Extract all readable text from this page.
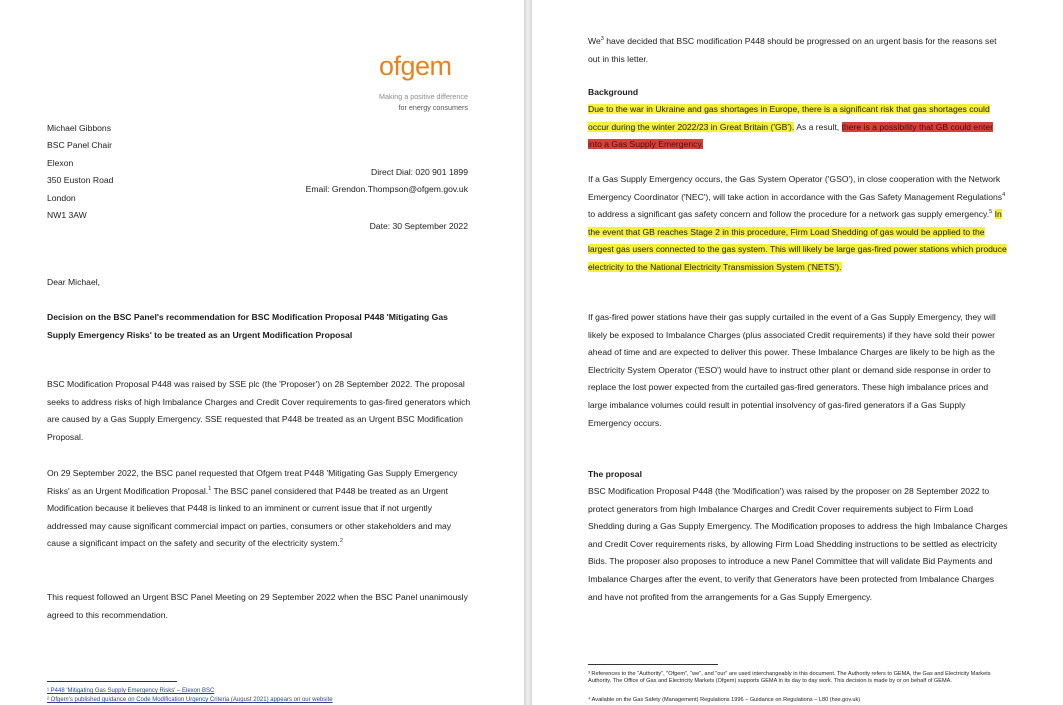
ofgem
Making a positive difference
for energy consumers
Michael Gibbons
BSC Panel Chair
Elexon
350 Euston Road
London
NW1 3AW
Direct Dial: 020 901 1899
Email: Grendon.Thompson@ofgem.gov.uk
Date: 30 September 2022
Dear Michael,
Decision on the BSC Panel's recommendation for BSC Modification Proposal P448 'Mitigating Gas Supply Emergency Risks' to be treated as an Urgent Modification Proposal
BSC Modification Proposal P448 was raised by SSE plc (the 'Proposer') on 28 September 2022. The proposal seeks to address risks of high Imbalance Charges and Credit Cover requirements to gas-fired generators which are caused by a Gas Supply Emergency. SSE requested that P448 be treated as an Urgent BSC Modification Proposal.
On 29 September 2022, the BSC panel requested that Ofgem treat P448 'Mitigating Gas Supply Emergency Risks' as an Urgent Modification Proposal.$^1$ The BSC panel considered that P448 be treated as an Urgent Modification because it believes that P448 is linked to an imminent or current issue that if not urgently addressed may cause significant commercial impact on parties, consumers or other stakeholders and may cause a significant impact on the safety and security of the electricity system.$^2$
This request followed an Urgent BSC Panel Meeting on 29 September 2022 when the BSC Panel unanimously agreed to this recommendation.
¹ P448 'Mitigating Gas Supply Emergency Risks' – Elexon BSC
² Ofgem's published guidance on Code Modification Urgency Criteria (August 2021) appears on our website
We$^3$ have decided that BSC modification P448 should be progressed on an urgent basis for the reasons set out in this letter.
Background
Due to the war in Ukraine and gas shortages in Europe, there is a significant risk that gas shortages could occur during the winter 2022/23 in Great Britain ('GB'). As a result, there is a possibility that GB could enter into a Gas Supply Emergency.
If a Gas Supply Emergency occurs, the Gas System Operator ('GSO'), in close cooperation with the Network Emergency Coordinator ('NEC'), will take action in accordance with the Gas Safety Management Regulations$^4$ to address a significant gas safety concern and follow the procedure for a network gas supply emergency.$^5$ In the event that GB reaches Stage 2 in this procedure, Firm Load Shedding of gas would be applied to the largest gas users connected to the gas system. This will likely be large gas-fired power stations which produce electricity to the National Electricity Transmission System ('NETS').
If gas-fired power stations have their gas supply curtailed in the event of a Gas Supply Emergency, they will likely be exposed to Imbalance Charges (plus associated Credit requirements) if they have sold their power ahead of time and are expected to deliver this power. These Imbalance Charges are likely to be high as the Electricity System Operator ('ESO') would have to instruct other plant or demand side response in order to replace the lost power expected from the curtailed gas-fired generators. These high imbalance prices and large imbalance volumes could result in potential insolvency of gas-fired generators if a Gas Supply Emergency occurs.
The proposal
BSC Modification Proposal P448 (the 'Modification') was raised by the proposer on 28 September 2022 to protect generators from high Imbalance Charges and Credit Cover requirements subject to Firm Load Shedding during a Gas Supply Emergency. The Modification proposes to address the high Imbalance Charges and Credit Cover requirements risks, by allowing Firm Load Shedding instructions to be settled as electricity Bids. The proposer also proposes to introduce a new Panel Committee that will validate Bid Payments and Imbalance Charges after the event, to verify that Generators have been protected from Imbalance Charges and have not profited from the arrangements for a Gas Supply Emergency.
³ References to the "Authority", "Ofgem", "we", and "our" are used interchangeably in this document. The Authority refers to GEMA, the Gas and Electricity Markets Authority. The Office of Gas and Electricity Markets (Ofgem) supports GEMA in its day to day work. This decision is made by or on behalf of GEMA.
⁴ Available on the Gas Safety (Management) Regulations 1996 – Guidance on Regulations – L80 (hse.gov.uk)
